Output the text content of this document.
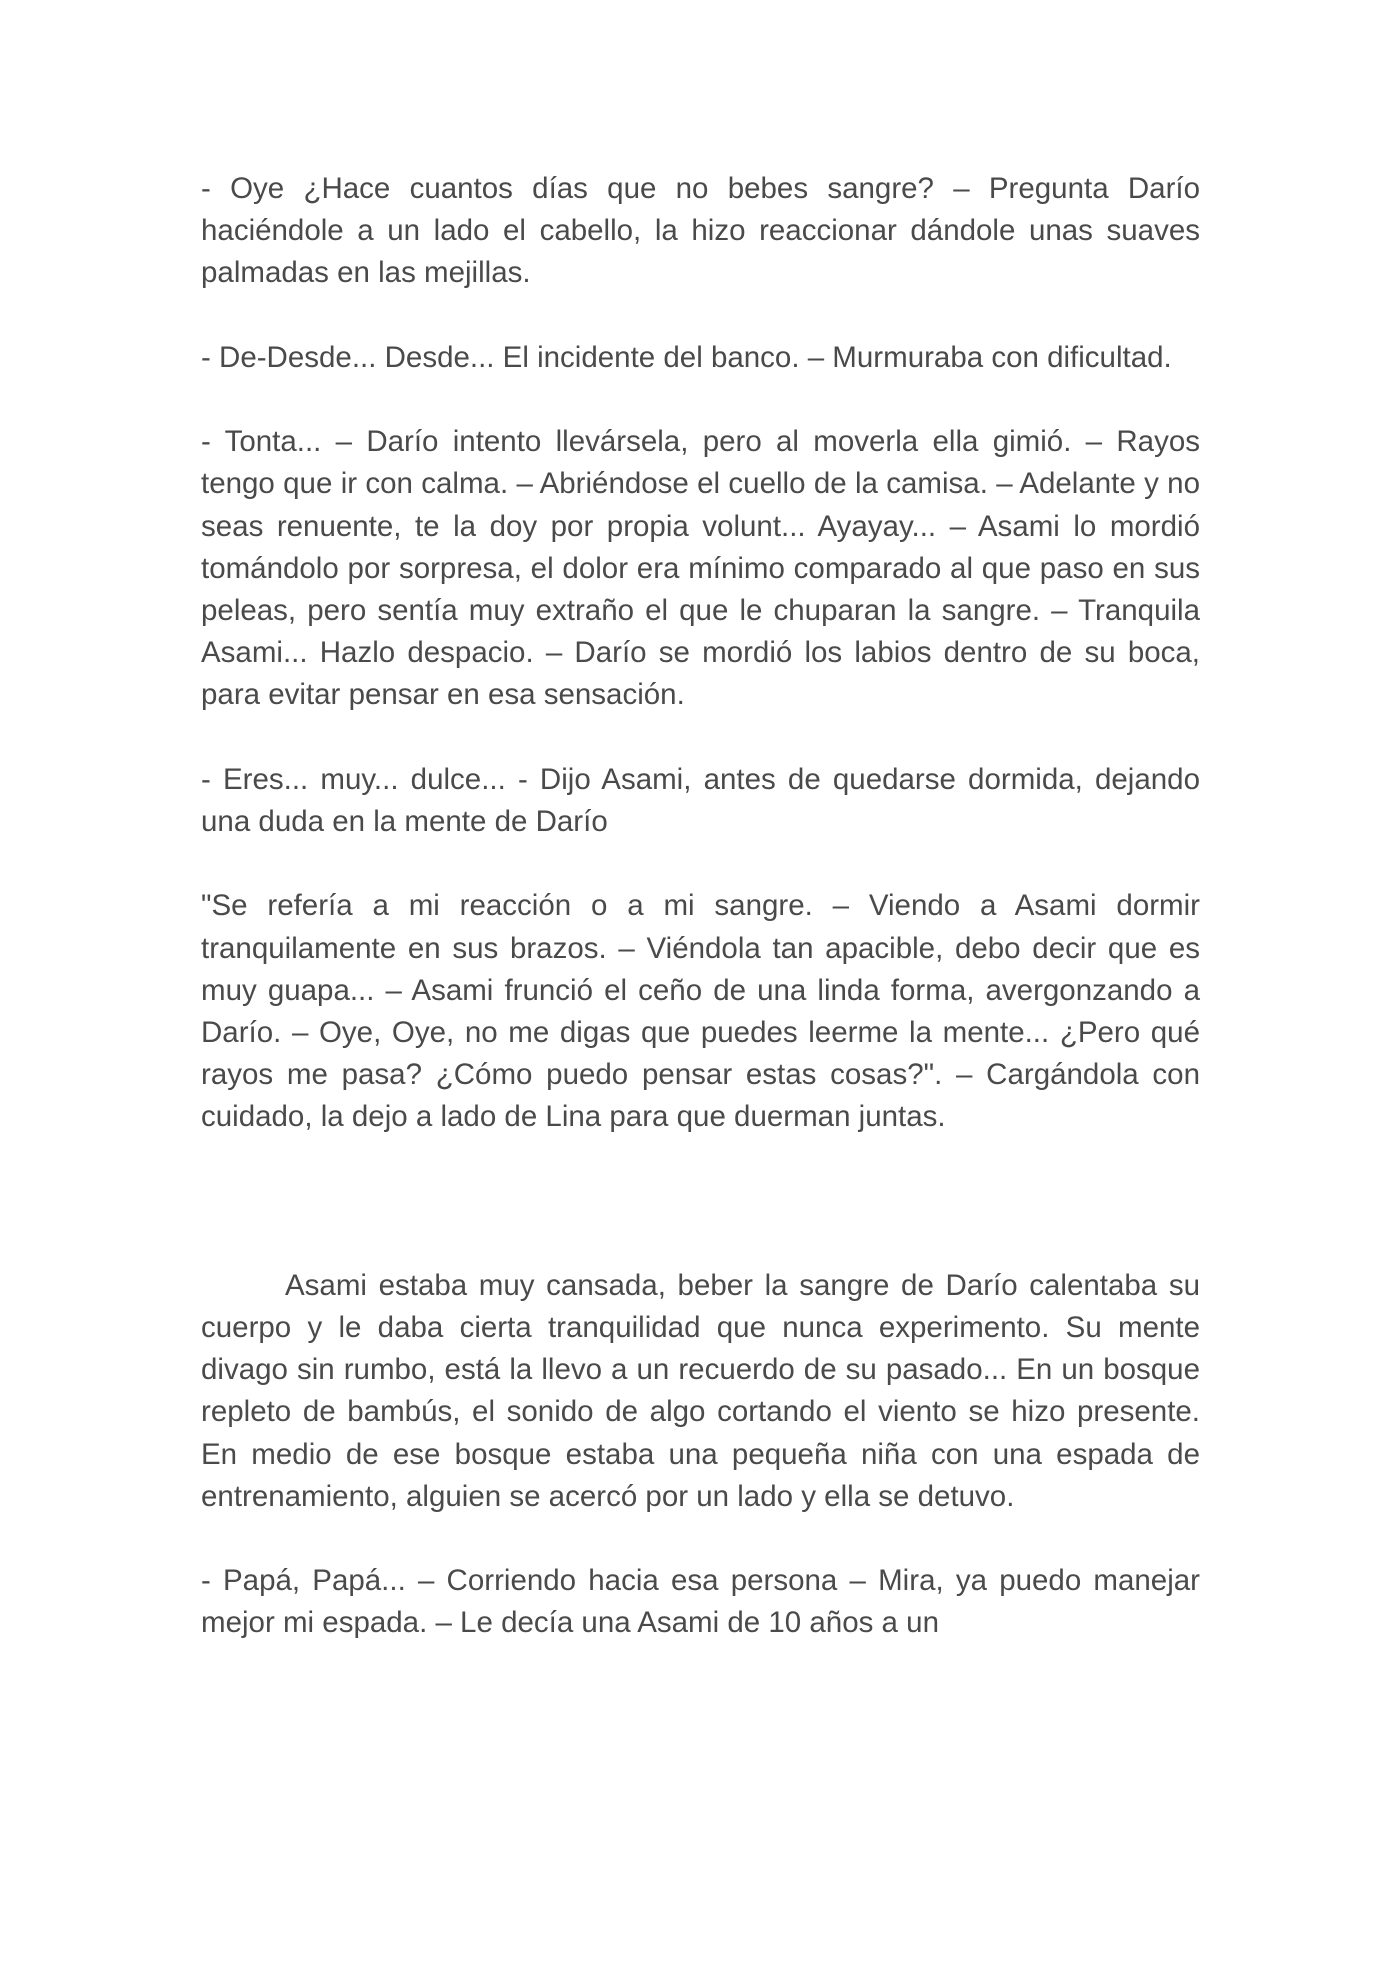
- Oye ¿Hace cuantos días que no bebes sangre? – Pregunta Darío haciéndole a un lado el cabello, la hizo reaccionar dándole unas suaves palmadas en las mejillas.

- De-Desde... Desde... El incidente del banco. – Murmuraba con dificultad.

- Tonta... – Darío intento llevársela, pero al moverla ella gimió. – Rayos tengo que ir con calma. – Abriéndose el cuello de la camisa. – Adelante y no seas renuente, te la doy por propia volunt... Ayayay... – Asami lo mordió tomándolo por sorpresa, el dolor era mínimo comparado al que paso en sus peleas, pero sentía muy extraño el que le chuparan la sangre. – Tranquila Asami... Hazlo despacio. – Darío se mordió los labios dentro de su boca, para evitar pensar en esa sensación.

- Eres... muy... dulce... - Dijo Asami, antes de quedarse dormida, dejando una duda en la mente de Darío

"Se refería a mi reacción o a mi sangre. – Viendo a Asami dormir tranquilamente en sus brazos. – Viéndola tan apacible, debo decir que es muy guapa... – Asami frunció el ceño de una linda forma, avergonzando a Darío. – Oye, Oye, no me digas que puedes leerme la mente... ¿Pero qué rayos me pasa? ¿Cómo puedo pensar estas cosas?". – Cargándola con cuidado, la dejo a lado de Lina para que duerman juntas.

Asami estaba muy cansada, beber la sangre de Darío calentaba su cuerpo y le daba cierta tranquilidad que nunca experimento. Su mente divago sin rumbo, está la llevo a un recuerdo de su pasado... En un bosque repleto de bambús, el sonido de algo cortando el viento se hizo presente. En medio de ese bosque estaba una pequeña niña con una espada de entrenamiento, alguien se acercó por un lado y ella se detuvo.

- Papá, Papá... – Corriendo hacia esa persona – Mira, ya puedo manejar mejor mi espada. – Le decía una Asami de 10 años a un
